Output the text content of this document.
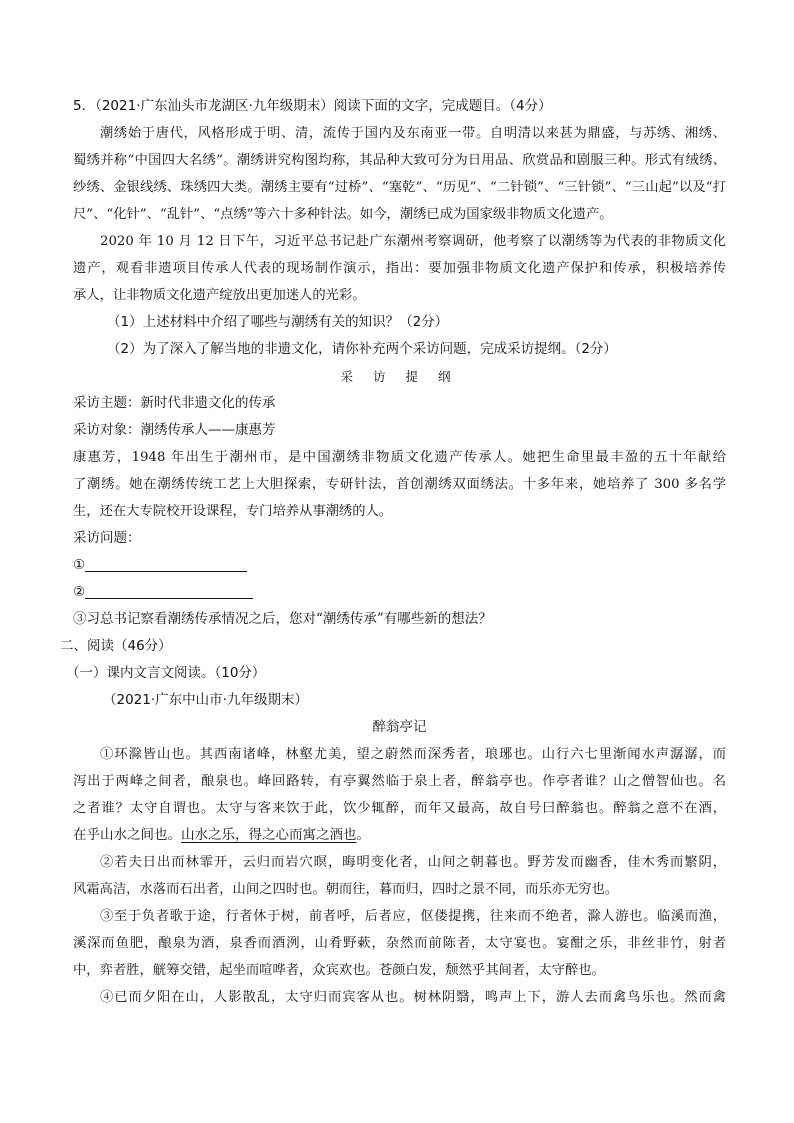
5．（2021·广东汕头市龙湖区·九年级期末）阅读下面的文字，完成题目。（4分）
潮绣始于唐代，风格形成于明、清，流传于国内及东南亚一带。自明清以来甚为鼎盛，与苏绣、湘绣、
蜀绣并称“中国四大名绣”。潮绣讲究构图均称，其品种大致可分为日用品、欣赏品和剧服三种。形式有绒绣、
纱绣、金银线绣、珠绣四大类。潮绣主要有“过桥”、“塞乾”、“历见”、“二针锁”、“三针锁”、“三山起”以及“打
尺”、“化针”、“乱针”、“点绣”等六十多种针法。如今，潮绣已成为国家级非物质文化遗产。
2020 年 10 月 12 日下午，习近平总书记赴广东潮州考察调研，他考察了以潮绣等为代表的非物质文化
遗产，观看非遗项目传承人代表的现场制作演示，指出：要加强非物质文化遗产保护和传承，积极培养传
承人，让非物质文化遗产绽放出更加迷人的光彩。
（1）上述材料中介绍了哪些与潮绣有关的知识？（2分）
（2）为了深入了解当地的非遗文化，请你补充两个采访问题，完成采访提纲。（2分）
采 访 提 纲
采访主题：新时代非遗文化的传承
采访对象：潮绣传承人——康惠芳
康惠芳，1948 年出生于潮州市，是中国潮绣非物质文化遗产传承人。她把生命里最丰盈的五十年献给
了潮绣。她在潮绣传统工艺上大胆探索，专研针法，首创潮绣双面绣法。十多年来，她培养了 300 多名学
生，还在大专院校开设课程，专门培养从事潮绣的人。
采访问题：
①
②
③习总书记察看潮绣传承情况之后，您对“潮绣传承”有哪些新的想法？
二、阅读（46分）
（一）课内文言文阅读。（10分）
（2021·广东中山市·九年级期末）
醉翁亭记
①环滁皆山也。其西南诸峰，林壑尤美，望之蔚然而深秀者，琅琊也。山行六七里渐闻水声潺潺，而
泻出于两峰之间者，酿泉也。峰回路转，有亭翼然临于泉上者，醉翁亭也。作亭者谁？山之僧智仙也。名
之者谁？太守自谓也。太守与客来饮于此，饮少辄醉，而年又最高，故自号曰醉翁也。醉翁之意不在酒，
在乎山水之间也。山水之乐，得之心而寓之酒也。
②若夫日出而林霏开，云归而岩穴暝，晦明变化者，山间之朝暮也。野芳发而幽香，佳木秀而繁阴，
风霜高洁，水落而石出者，山间之四时也。朝而往，暮而归，四时之景不同，而乐亦无穷也。
③至于负者歌于途，行者休于树，前者呼，后者应，伛偻提携，往来而不绝者，滁人游也。临溪而渔，
溪深而鱼肥，酿泉为酒，泉香而酒洌，山肴野蔌，杂然而前陈者，太守宴也。宴酣之乐，非丝非竹，射者
中，弈者胜，觥筹交错，起坐而喧哗者，众宾欢也。苍颜白发，颓然乎其间者，太守醉也。
④已而夕阳在山，人影散乱，太守归而宾客从也。树林阴翳，鸣声上下，游人去而禽鸟乐也。然而禽
